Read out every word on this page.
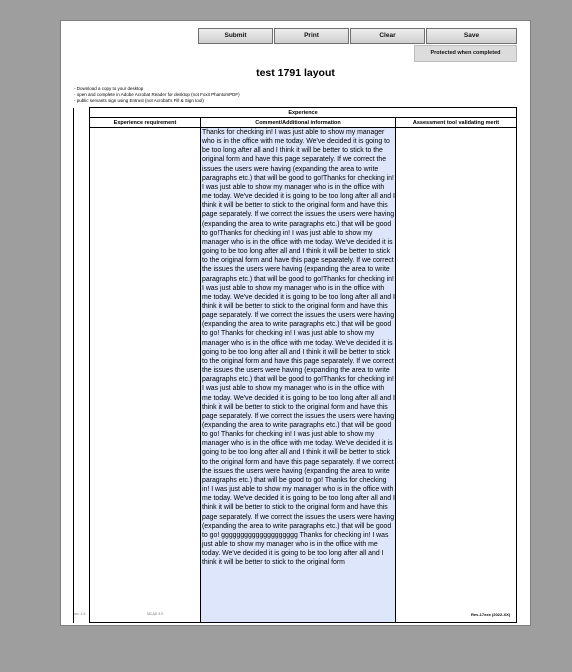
Submit	Print	Clear	Save
Protected when completed
test 1791 layout
- Download a copy to your desktop
- open and complete in Adobe Acrobat Reader for desktop (not Foxit PhantomPDF)
- public servants sign using Entrust (not Acrobat's Fill & Sign tool)
	Experience		
	Experience requirement	Comment/Additional information	Assessment tool validating merit

		Thanks for checking in! I was just able to show my manager who is in the office with me today. We've decided it is going to be too long after all and I think it will be better to stick to the original form and have this page separately. If we correct the issues the users were having (expanding the area to write paragraphs etc.) that will be good to go!Thanks for checking in! I was just able to show my manager who is in the office with me today. We've decided it is going to be too long after all and I think it will be better to stick to the original form and have this page separately. If we correct the issues the users were having (expanding the area to write paragraphs etc.) that will be good to go!Thanks for checking in! I was just able to show my manager who is in the office with me today. We've decided it is going to be too long after all and I think it will be better to stick to the original form and have this page separately. If we correct the issues the users were having (expanding the area to write paragraphs etc.) that will be good to go!Thanks for checking in! I was just able to show my manager who is in the office with me today. We've decided it is going to be too long after all and I think it will be better to stick to the original form and have this page separately. If we correct the issues the users were having (expanding the area to write paragraphs etc.) that will be good to go! Thanks for checking in! I was just able to show my manager who is in the office with me today. We've decided it is going to be too long after all and I think it will be better to stick to the original form and have this page separately. If we correct the issues the users were having (expanding the area to write paragraphs etc.) that will be good to go!Thanks for checking in! I was just able to show my manager who is in the office with me today. We've decided it is going to be too long after all and I think it will be better to stick to the original form and have this page separately. If we correct the issues the users were having (expanding the area to write paragraphs etc.) that will be good to go! Thanks for checking in! I was just able to show my manager who is in the office with me today. We've decided it is going to be too long after all and I think it will be better to stick to the original form and have this page separately. If we correct the issues the users were having (expanding the area to write paragraphs etc.) that will be good to go! Thanks for checking in! I was just able to show my manager who is in the office with me today. We've decided it is going to be too long after all and I think it will be better to stick to the original form and have this page separately. If we correct the issues the users were having (expanding the area to write paragraphs etc.) that will be good to go! gggggggggggggggggggg Thanks for checking in! I was just able to show my manager who is in the office with me today. We've decided it is going to be too long after all and I think it will be better to stick to the original form	

rev. 1.6	MCAD 3.0	Rev-17xxx (2022-XX)
